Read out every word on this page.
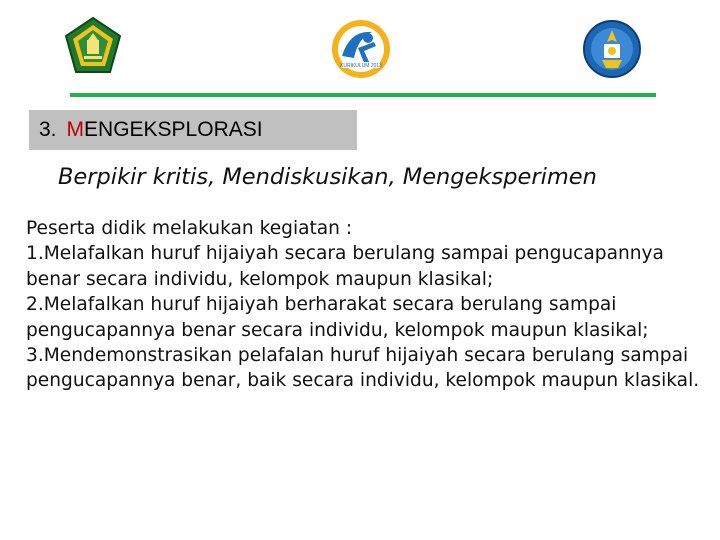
KURIKULUM 2013
3. M ENGEKSPLORASI
Berpikir kritis, Mendiskusikan, Mengeksperimen
Peserta didik melakukan kegiatan :
1.Melafalkan huruf hijaiyah secara berulang sampai pengucapannya benar secara individu, kelompok maupun klasikal;
2.Melafalkan huruf hijaiyah berharakat secara berulang sampai pengucapannya benar secara individu, kelompok maupun klasikal;
3.Mendemonstrasikan pelafalan huruf hijaiyah secara berulang sampai pengucapannya benar, baik secara individu, kelompok maupun klasikal.
